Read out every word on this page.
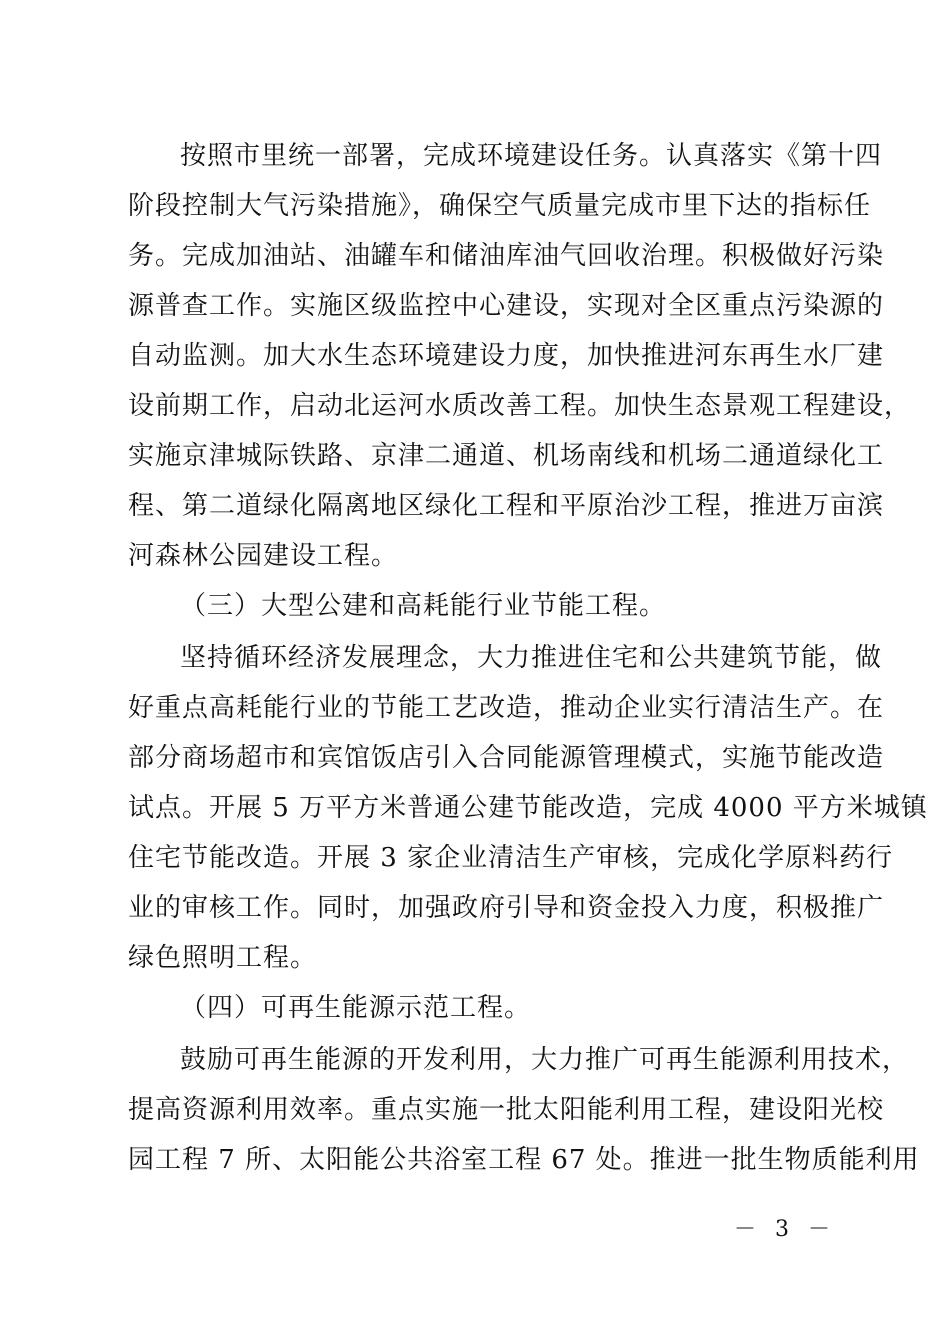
按照市里统一部署，完成环境建设任务。认真落实《第十四
阶段控制大气污染措施》，确保空气质量完成市里下达的指标任
务。完成加油站、油罐车和储油库油气回收治理。积极做好污染
源普查工作。实施区级监控中心建设，实现对全区重点污染源的
自动监测。加大水生态环境建设力度，加快推进河东再生水厂建
设前期工作，启动北运河水质改善工程。加快生态景观工程建设，
实施京津城际铁路、京津二通道、机场南线和机场二通道绿化工
程、第二道绿化隔离地区绿化工程和平原治沙工程，推进万亩滨
河森林公园建设工程。
（三）大型公建和高耗能行业节能工程。
坚持循环经济发展理念，大力推进住宅和公共建筑节能，做
好重点高耗能行业的节能工艺改造，推动企业实行清洁生产。在
部分商场超市和宾馆饭店引入合同能源管理模式，实施节能改造
试点。开展 5 万平方米普通公建节能改造，完成 4000 平方米城镇
住宅节能改造。开展 3 家企业清洁生产审核，完成化学原料药行
业的审核工作。同时，加强政府引导和资金投入力度，积极推广
绿色照明工程。
（四）可再生能源示范工程。
鼓励可再生能源的开发利用，大力推广可再生能源利用技术，
提高资源利用效率。重点实施一批太阳能利用工程，建设阳光校
园工程 7 所、太阳能公共浴室工程 67 处。推进一批生物质能利用
－ 3 －
